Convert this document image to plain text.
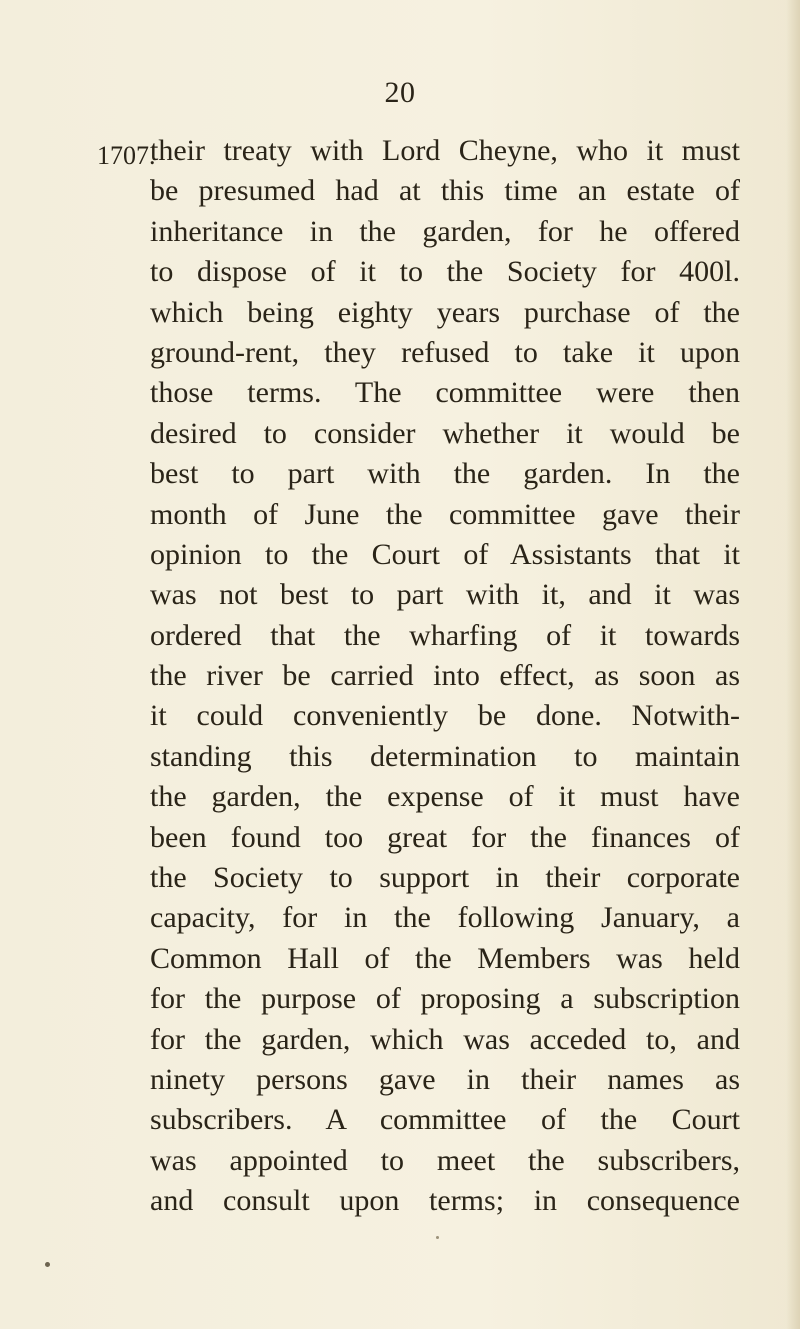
20
1707.
their treaty with Lord Cheyne, who it must
be presumed had at this time an estate of
inheritance in the garden, for he offered
to dispose of it to the Society for 400l.
which being eighty years purchase of the
ground-rent, they refused to take it upon
those terms. The committee were then
desired to consider whether it would be
best to part with the garden. In the
month of June the committee gave their
opinion to the Court of Assistants that it
was not best to part with it, and it was
ordered that the wharfing of it towards
the river be carried into effect, as soon as
it could conveniently be done. Notwith-
standing this determination to maintain
the garden, the expense of it must have
been found too great for the finances of
the Society to support in their corporate
capacity, for in the following January, a
Common Hall of the Members was held
for the purpose of proposing a subscription
for the garden, which was acceded to, and
ninety persons gave in their names as
subscribers. A committee of the Court
was appointed to meet the subscribers,
and consult upon terms; in consequence
